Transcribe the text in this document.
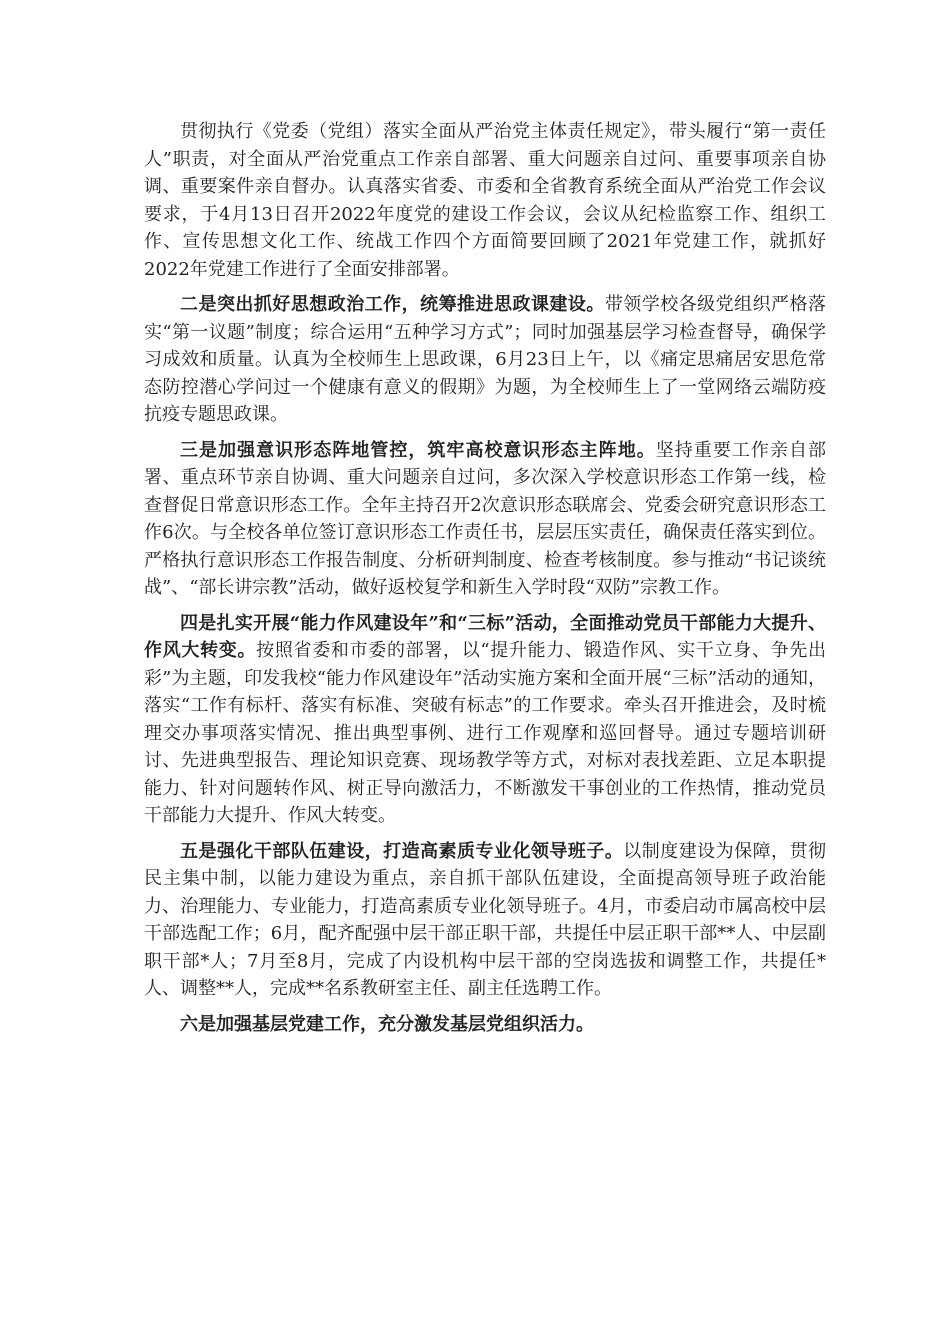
贯彻执行《党委（党组）落实全面从严治党主体责任规定》，带头履行“第一责任人”职责，对全面从严治党重点工作亲自部署、重大问题亲自过问、重要事项亲自协调、重要案件亲自督办。认真落实省委、市委和全省教育系统全面从严治党工作会议要求，于4月13日召开2022年度党的建设工作会议，会议从纪检监察工作、组织工作、宣传思想文化工作、统战工作四个方面简要回顾了2021年党建工作，就抓好2022年党建工作进行了全面安排部署。

二是突出抓好思想政治工作，统筹推进思政课建设。带领学校各级党组织严格落实“第一议题”制度；综合运用“五种学习方式”；同时加强基层学习检查督导，确保学习成效和质量。认真为全校师生上思政课，6月23日上午，以《痛定思痛居安思危常态防控潜心学问过一个健康有意义的假期》为题，为全校师生上了一堂网络云端防疫抗疫专题思政课。

三是加强意识形态阵地管控，筑牢高校意识形态主阵地。坚持重要工作亲自部署、重点环节亲自协调、重大问题亲自过问，多次深入学校意识形态工作第一线，检查督促日常意识形态工作。全年主持召开2次意识形态联席会、党委会研究意识形态工作6次。与全校各单位签订意识形态工作责任书，层层压实责任，确保责任落实到位。严格执行意识形态工作报告制度、分析研判制度、检查考核制度。参与推动“书记谈统战”、“部长讲宗教”活动，做好返校复学和新生入学时段“双防”宗教工作。

四是扎实开展“能力作风建设年”和“三标”活动，全面推动党员干部能力大提升、作风大转变。按照省委和市委的部署，以“提升能力、锻造作风、实干立身、争先出彩”为主题，印发我校“能力作风建设年”活动实施方案和全面开展“三标”活动的通知，落实“工作有标杆、落实有标准、突破有标志”的工作要求。牵头召开推进会，及时梳理交办事项落实情况、推出典型事例、进行工作观摩和巡回督导。通过专题培训研讨、先进典型报告、理论知识竞赛、现场教学等方式，对标对表找差距、立足本职提能力、针对问题转作风、树正导向激活力，不断激发干事创业的工作热情，推动党员干部能力大提升、作风大转变。

五是强化干部队伍建设，打造高素质专业化领导班子。以制度建设为保障，贯彻民主集中制，以能力建设为重点，亲自抓干部队伍建设，全面提高领导班子政治能力、治理能力、专业能力，打造高素质专业化领导班子。4月，市委启动市属高校中层干部选配工作；6月，配齐配强中层干部正职干部，共提任中层正职干部**人、中层副职干部*人；7月至8月，完成了内设机构中层干部的空岗选拔和调整工作，共提任*人、调整**人，完成**名系教研室主任、副主任选聘工作。

六是加强基层党建工作，充分激发基层党组织活力。
